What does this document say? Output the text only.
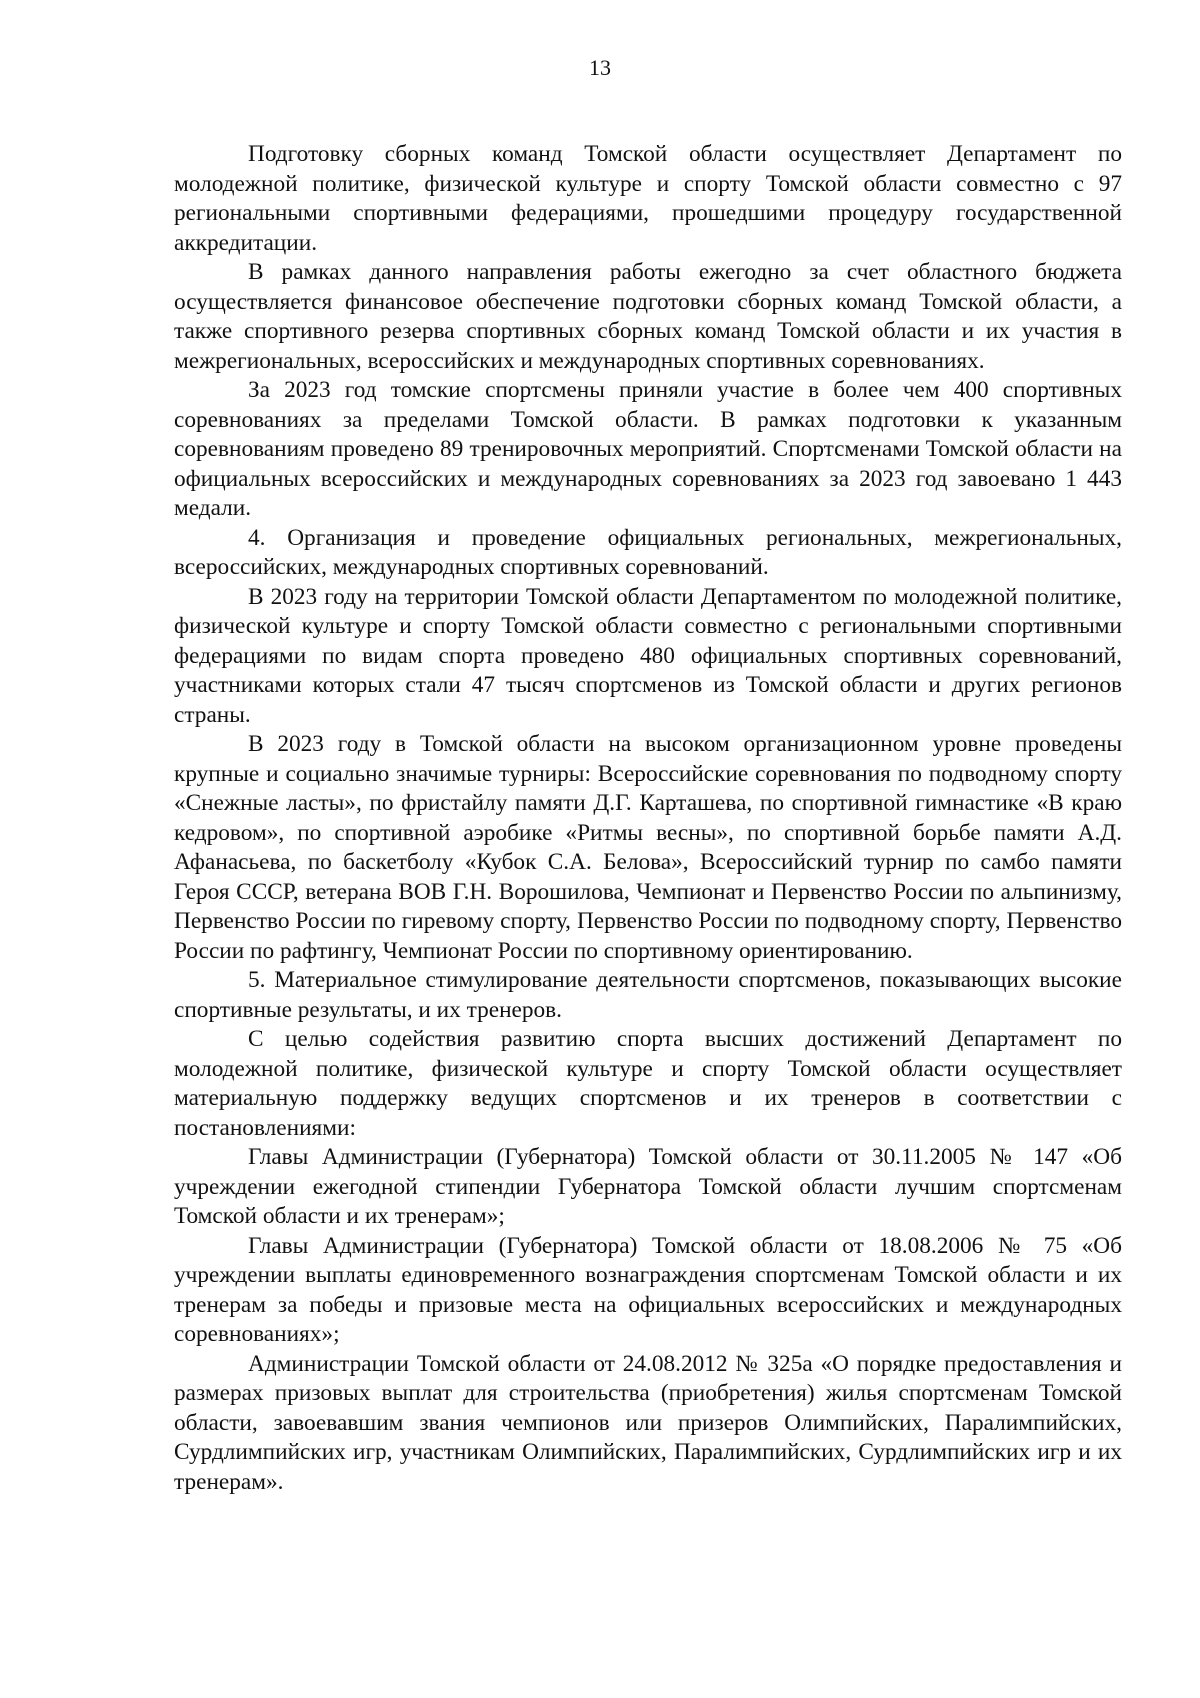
13

Подготовку сборных команд Томской области осуществляет Департамент по молодежной политике, физической культуре и спорту Томской области совместно с 97 региональными спортивными федерациями, прошедшими процедуру государственной аккредитации.

В рамках данного направления работы ежегодно за счет областного бюджета осуществляется финансовое обеспечение подготовки сборных команд Томской области, а также спортивного резерва спортивных сборных команд Томской области и их участия в межрегиональных, всероссийских и международных спортивных соревнованиях.

За 2023 год томские спортсмены приняли участие в более чем 400 спортивных соревнованиях за пределами Томской области. В рамках подготовки к указанным соревнованиям проведено 89 тренировочных мероприятий. Спортсменами Томской области на официальных всероссийских и международных соревнованиях за 2023 год завоевано 1 443 медали.

4. Организация и проведение официальных региональных, межрегиональных, всероссийских, международных спортивных соревнований.

В 2023 году на территории Томской области Департаментом по молодежной политике, физической культуре и спорту Томской области совместно с региональными спортивными федерациями по видам спорта проведено 480 официальных спортивных соревнований, участниками которых стали 47 тысяч спортсменов из Томской области и других регионов страны.

В 2023 году в Томской области на высоком организационном уровне проведены крупные и социально значимые турниры: Всероссийские соревнования по подводному спорту «Снежные ласты», по фристайлу памяти Д.Г. Карташева, по спортивной гимнастике «В краю кедровом», по спортивной аэробике «Ритмы весны», по спортивной борьбе памяти А.Д. Афанасьева, по баскетболу «Кубок С.А. Белова», Всероссийский турнир по самбо памяти Героя СССР, ветерана ВОВ Г.Н. Ворошилова, Чемпионат и Первенство России по альпинизму, Первенство России по гиревому спорту, Первенство России по подводному спорту, Первенство России по рафтингу, Чемпионат России по спортивному ориентированию.

5. Материальное стимулирование деятельности спортсменов, показывающих высокие спортивные результаты, и их тренеров.

С целью содействия развитию спорта высших достижений Департамент по молодежной политике, физической культуре и спорту Томской области осуществляет материальную поддержку ведущих спортсменов и их тренеров в соответствии с постановлениями:

Главы Администрации (Губернатора) Томской области от 30.11.2005 № 147 «Об учреждении ежегодной стипендии Губернатора Томской области лучшим спортсменам Томской области и их тренерам»;

Главы Администрации (Губернатора) Томской области от 18.08.2006 № 75 «Об учреждении выплаты единовременного вознаграждения спортсменам Томской области и их тренерам за победы и призовые места на официальных всероссийских и международных соревнованиях»;

Администрации Томской области от 24.08.2012 № 325а «О порядке предоставления и размерах призовых выплат для строительства (приобретения) жилья спортсменам Томской области, завоевавшим звания чемпионов или призеров Олимпийских, Паралимпийских, Сурдлимпийских игр, участникам Олимпийских, Паралимпийских, Сурдлимпийских игр и их тренерам».
